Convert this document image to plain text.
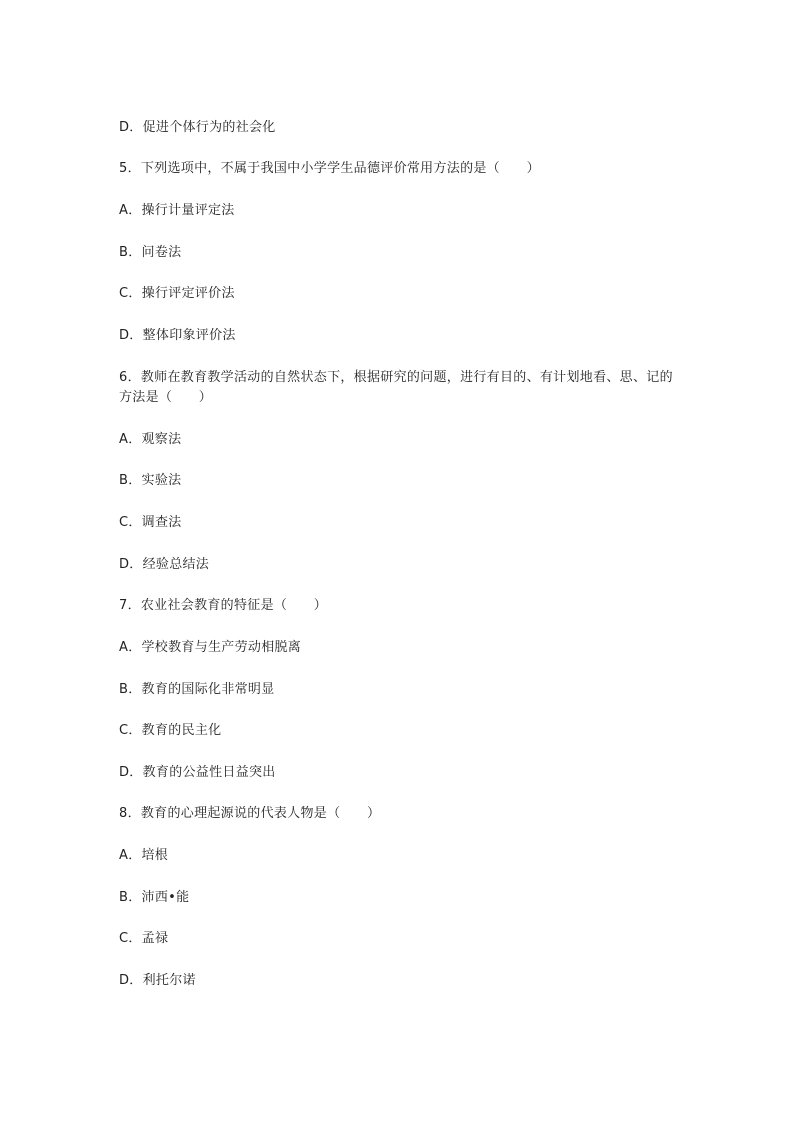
D．促进个体行为的社会化
5．下列选项中，不属于我国中小学学生品德评价常用方法的是（　　）
A．操行计量评定法
B．问卷法
C．操行评定评价法
D．整体印象评价法
6．教师在教育教学活动的自然状态下，根据研究的问题，进行有目的、有计划地看、思、记的方法是（　　）
A．观察法
B．实验法
C．调查法
D．经验总结法
7．农业社会教育的特征是（　　）
A．学校教育与生产劳动相脱离
B．教育的国际化非常明显
C．教育的民主化
D．教育的公益性日益突出
8．教育的心理起源说的代表人物是（　　）
A．培根
B．沛西•能
C．孟禄
D．利托尔诺
